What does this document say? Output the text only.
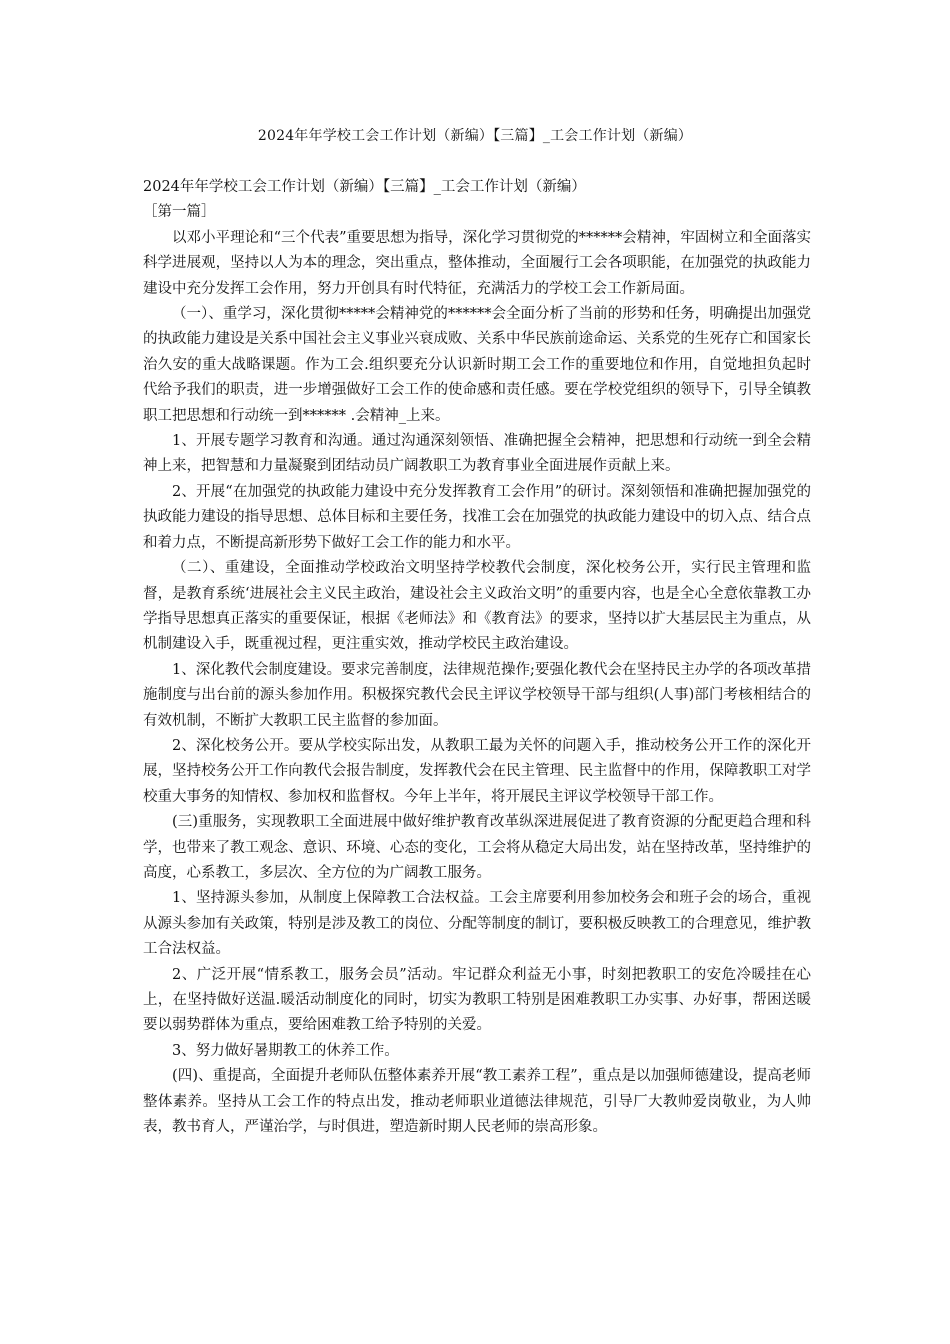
2024年年学校工会工作计划（新编）【三篇】_工会工作计划（新编）

2024年年学校工会工作计划（新编）【三篇】_工会工作计划（新编）

［第一篇］

以邓小平理论和“三个代表”重要思想为指导，深化学习贯彻党的******会精神，牢固树立和全面落实科学进展观，坚持以人为本的理念，突出重点，整体推动，全面履行工会各项职能，在加强党的执政能力建设中充分发挥工会作用，努力开创具有时代特征，充满活力的学校工会工作新局面。

（一）、重学习，深化贯彻*****会精神党的******会全面分析了当前的形势和任务，明确提出加强党的执政能力建设是关系中国社会主义事业兴衰成败、关系中华民族前途命运、关系党的生死存亡和国家长治久安的重大战略课题。作为工会.组织要充分认识新时期工会工作的重要地位和作用，自觉地担负起时代给予我们的职责，进一步增强做好工会工作的使命感和责任感。要在学校党组织的领导下，引导全镇教职工把思想和行动统一到****** .会精神_上来。

1、开展专题学习教育和沟通。通过沟通深刻领悟、准确把握全会精神，把思想和行动统一到全会精神上来，把智慧和力量凝聚到团结动员广阔教职工为教育事业全面进展作贡献上来。

2、开展“在加强党的执政能力建设中充分发挥教育工会作用”的研讨。深刻领悟和准确把握加强党的执政能力建设的指导思想、总体目标和主要任务，找准工会在加强党的执政能力建设中的切入点、结合点和着力点，不断提高新形势下做好工会工作的能力和水平。

（二）、重建设，全面推动学校政治文明坚持学校教代会制度，深化校务公开，实行民主管理和监督，是教育系统‘进展社会主义民主政治，建设社会主义政治文明”的重要内容，也是全心全意依靠教工办学指导思想真正落实的重要保证，根据《老师法》和《教育法》的要求，坚持以扩大基层民主为重点，从机制建设入手，既重视过程，更注重实效，推动学校民主政治建设。

1、深化教代会制度建设。要求完善制度，法律规范操作;要强化教代会在坚持民主办学的各项改革措施制度与出台前的源头参加作用。积极探究教代会民主评议学校领导干部与组织(人事)部门考核相结合的有效机制，不断扩大教职工民主监督的参加面。

2、深化校务公开。要从学校实际出发，从教职工最为关怀的问题入手，推动校务公开工作的深化开展，坚持校务公开工作向教代会报告制度，发挥教代会在民主管理、民主监督中的作用，保障教职工对学校重大事务的知情权、参加权和监督权。今年上半年，将开展民主评议学校领导干部工作。

(三)重服务，实现教职工全面进展中做好维护教育改革纵深进展促进了教育资源的分配更趋合理和科学，也带来了教工观念、意识、环境、心态的变化，工会将从稳定大局出发，站在坚持改革，坚持维护的高度，心系教工，多层次、全方位的为广阔教工服务。

1、坚持源头参加，从制度上保障教工合法权益。工会主席要利用参加校务会和班子会的场合，重视从源头参加有关政策，特别是涉及教工的岗位、分配等制度的制订，要积极反映教工的合理意见，维护教工合法权益。

2、广泛开展“情系教工，服务会员”活动。牢记群众利益无小事，时刻把教职工的安危冷暖挂在心上，在坚持做好送温.暖活动制度化的同时，切实为教职工特别是困难教职工办实事、办好事，帮困送暖要以弱势群体为重点，要给困难教工给予特别的关爱。

3、努力做好暑期教工的休养工作。

(四)、重提高，全面提升老师队伍整体素养开展“教工素养工程”，重点是以加强师德建设，提高老师整体素养。坚持从工会工作的特点出发，推动老师职业道德法律规范，引导厂大教帅爱岗敬业，为人帅表，教书育人，严谨治学，与时俱进，塑造新时期人民老师的崇高形象。
